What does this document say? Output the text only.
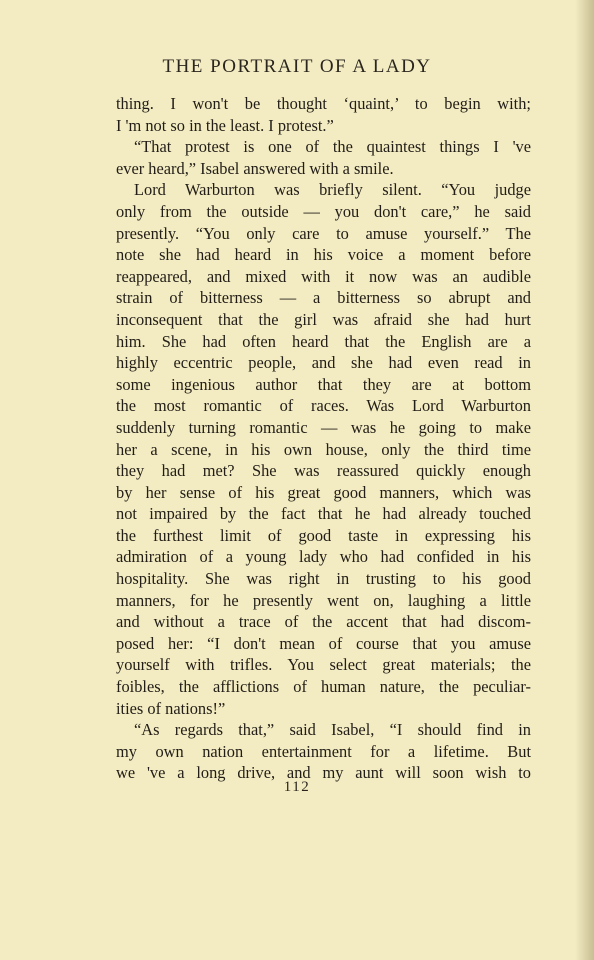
THE PORTRAIT OF A LADY
thing. I won't be thought ‘quaint,’ to begin with;
I 'm not so in the least. I protest.”
“That protest is one of the quaintest things I 've
ever heard,” Isabel answered with a smile.
Lord Warburton was briefly silent. “You judge
only from the outside — you don't care,” he said
presently. “You only care to amuse yourself.” The
note she had heard in his voice a moment before
reappeared, and mixed with it now was an audible
strain of bitterness — a bitterness so abrupt and
inconsequent that the girl was afraid she had hurt
him. She had often heard that the English are a
highly eccentric people, and she had even read in
some ingenious author that they are at bottom
the most romantic of races. Was Lord Warburton
suddenly turning romantic — was he going to make
her a scene, in his own house, only the third time
they had met? She was reassured quickly enough
by her sense of his great good manners, which was
not impaired by the fact that he had already touched
the furthest limit of good taste in expressing his
admiration of a young lady who had confided in his
hospitality. She was right in trusting to his good
manners, for he presently went on, laughing a little
and without a trace of the accent that had discom-
posed her: “I don't mean of course that you amuse
yourself with trifles. You select great materials; the
foibles, the afflictions of human nature, the peculiar-
ities of nations!”
“As regards that,” said Isabel, “I should find in
my own nation entertainment for a lifetime. But
we 've a long drive, and my aunt will soon wish to
112
